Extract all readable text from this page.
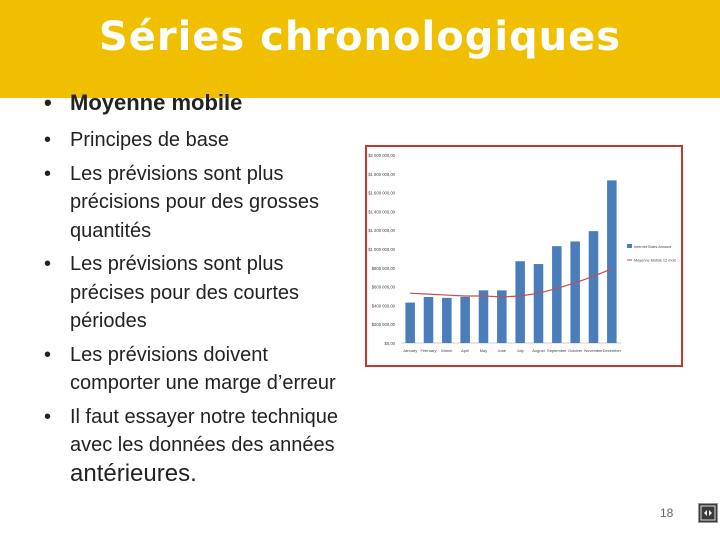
Séries chronologiques
• Moyenne mobile
• Principes de base
• Les prévisions sont plus précisions pour des grosses quantités
• Les prévisions sont plus précises pour des courtes périodes
• Les prévisions doivent comporter une marge d’erreur
• Il faut essayer notre technique avec les données des années antérieures.
$0,00
$200 000,00
$400 000,00
$600 000,00
$800 000,00
$1 000 000,00
$1 200 000,00
$1 400 000,00
$1 600 000,00
$1 800 000,00
$2 000 000,00
January February March April	May	June	July August September October November December
Internet Sales Amount
Moyenne Mobile 12 mois
18
